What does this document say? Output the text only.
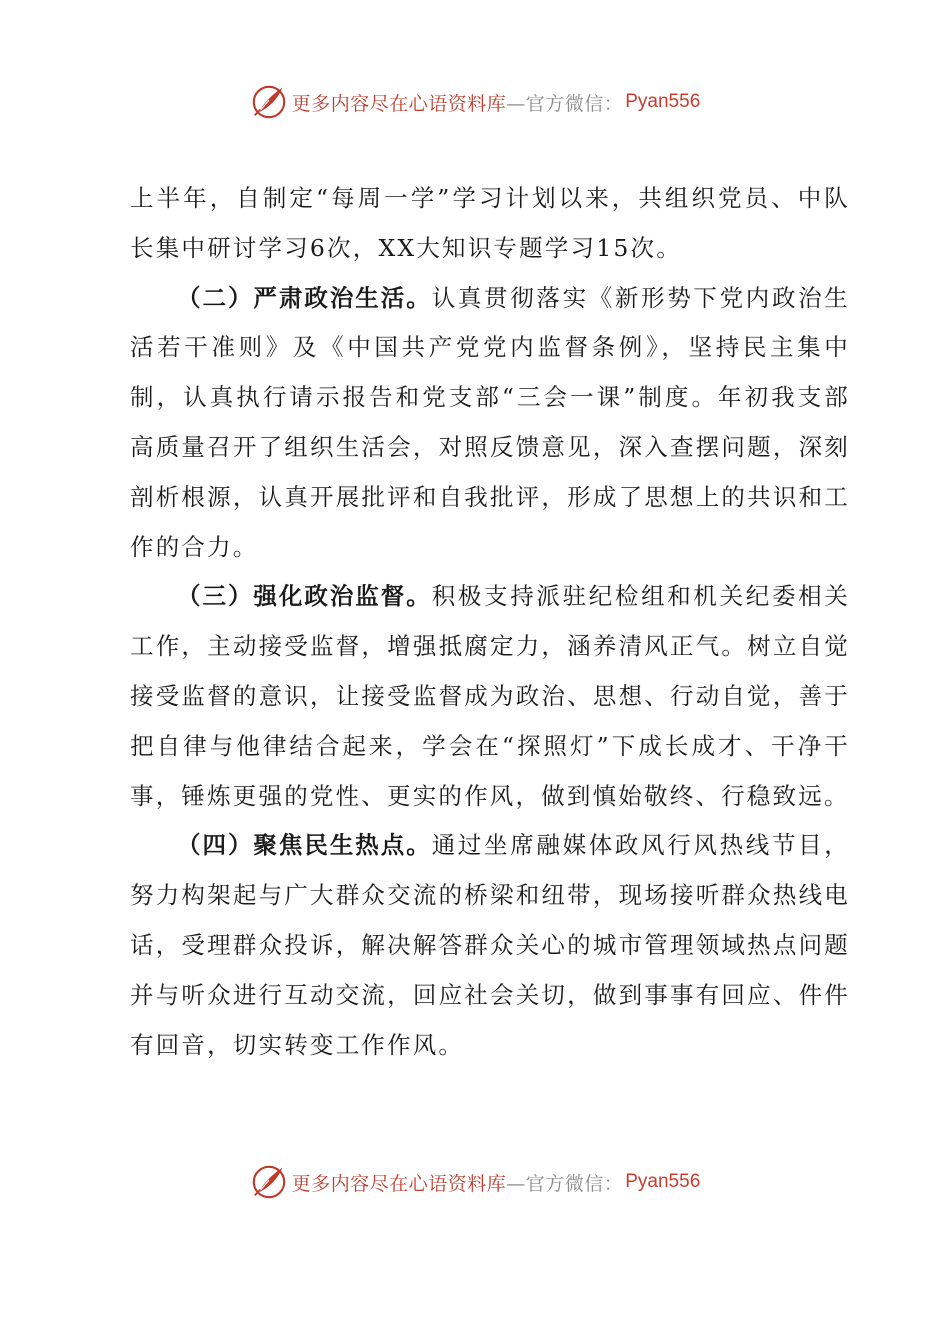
更多内容尽在心语资料库 —官方微信： Pyan556

上半年，自制定“每周一学”学习计划以来，共组织党员、中队长集中研讨学习6次，XX大知识专题学习15次。

（二）严肃政治生活。认真贯彻落实《新形势下党内政治生活若干准则》及《中国共产党党内监督条例》，坚持民主集中制，认真执行请示报告和党支部“三会一课”制度。年初我支部高质量召开了组织生活会，对照反馈意见，深入查摆问题，深刻剖析根源，认真开展批评和自我批评，形成了思想上的共识和工作的合力。

（三）强化政治监督。积极支持派驻纪检组和机关纪委相关工作，主动接受监督，增强抵腐定力，涵养清风正气。树立自觉接受监督的意识，让接受监督成为政治、思想、行动自觉，善于把自律与他律结合起来，学会在“探照灯”下成长成才、干净干事，锤炼更强的党性、更实的作风，做到慎始敬终、行稳致远。

（四）聚焦民生热点。通过坐席融媒体政风行风热线节目，努力构架起与广大群众交流的桥梁和纽带，现场接听群众热线电话，受理群众投诉，解决解答群众关心的城市管理领域热点问题并与听众进行互动交流，回应社会关切，做到事事有回应、件件有回音，切实转变工作作风。

更多内容尽在心语资料库 —官方微信： Pyan556
